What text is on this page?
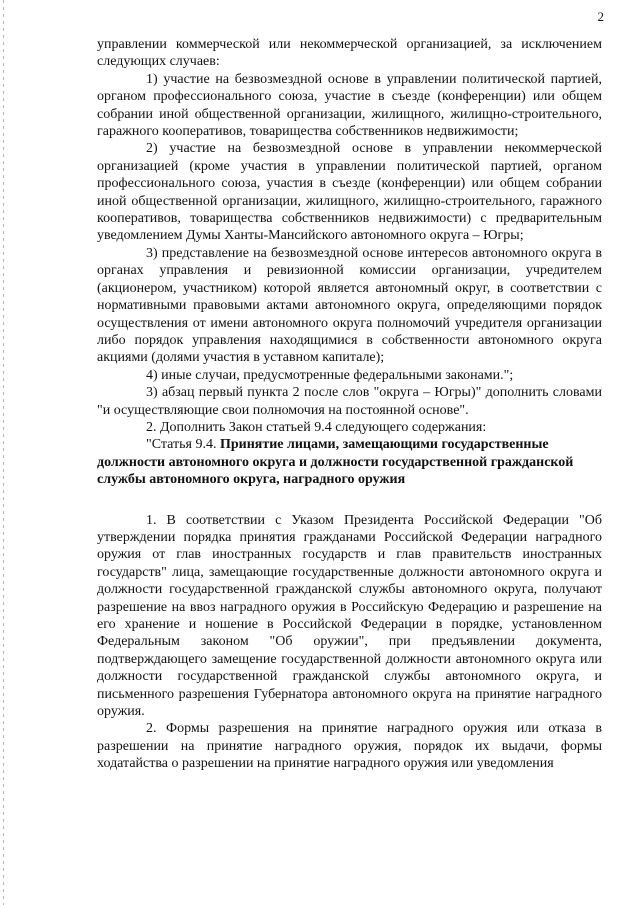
2

управлении коммерческой или некоммерческой организацией, за исключением следующих случаев:

1) участие на безвозмездной основе в управлении политической партией, органом профессионального союза, участие в съезде (конференции) или общем собрании иной общественной организации, жилищного, жилищно-строительного, гаражного кооперативов, товарищества собственников недвижимости;

2) участие на безвозмездной основе в управлении некоммерческой организацией (кроме участия в управлении политической партией, органом профессионального союза, участия в съезде (конференции) или общем собрании иной общественной организации, жилищного, жилищно-строительного, гаражного кооперативов, товарищества собственников недвижимости) с предварительным уведомлением Думы Ханты-Мансийского автономного округа – Югры;

3) представление на безвозмездной основе интересов автономного округа в органах управления и ревизионной комиссии организации, учредителем (акционером, участником) которой является автономный округ, в соответствии с нормативными правовыми актами автономного округа, определяющими порядок осуществления от имени автономного округа полномочий учредителя организации либо порядок управления находящимися в собственности автономного округа акциями (долями участия в уставном капитале);

4) иные случаи, предусмотренные федеральными законами.";

3) абзац первый пункта 2 после слов "округа – Югры)" дополнить словами "и осуществляющие свои полномочия на постоянной основе".

2. Дополнить Закон статьей 9.4 следующего содержания:

"Статья 9.4. Принятие лицами, замещающими государственные

должности автономного округа и должности государственной гражданской службы автономного округа, наградного оружия

1. В соответствии с Указом Президента Российской Федерации "Об утверждении порядка принятия гражданами Российской Федерации наградного оружия от глав иностранных государств и глав правительств иностранных государств" лица, замещающие государственные должности автономного округа и должности государственной гражданской службы автономного округа, получают разрешение на ввоз наградного оружия в Российскую Федерацию и разрешение на его хранение и ношение в Российской Федерации в порядке, установленном Федеральным законом "Об оружии", при предъявлении документа, подтверждающего замещение государственной должности автономного округа или должности государственной гражданской службы автономного округа, и письменного разрешения Губернатора автономного округа на принятие наградного оружия.

2. Формы разрешения на принятие наградного оружия или отказа в разрешении на принятие наградного оружия, порядок их выдачи, формы ходатайства о разрешении на принятие наградного оружия или уведомления
